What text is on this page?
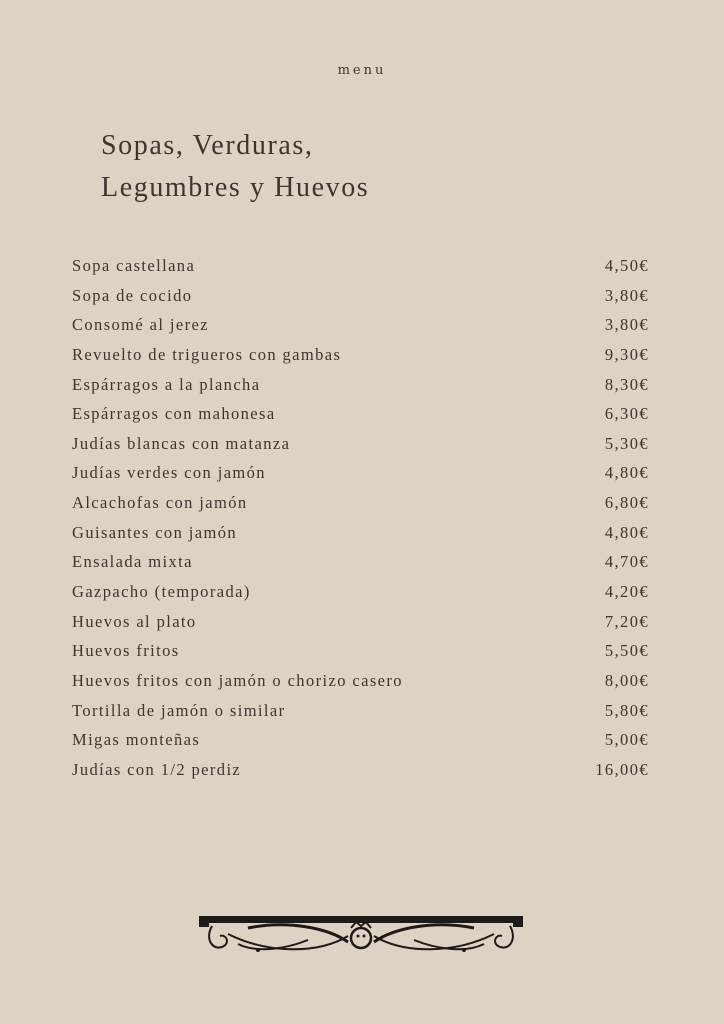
menu
Sopas, Verduras,
Legumbres y Huevos
Sopa castellana	4,50€
Sopa de cocido	3,80€
Consomé al jerez	3,80€
Revuelto de trigueros con gambas	9,30€
Espárragos a la plancha	8,30€
Espárragos con mahonesa	6,30€
Judías blancas con matanza	5,30€
Judías verdes con jamón	4,80€
Alcachofas con jamón	6,80€
Guisantes con jamón	4,80€
Ensalada mixta	4,70€
Gazpacho (temporada)	4,20€
Huevos al plato	7,20€
Huevos fritos	5,50€
Huevos fritos con jamón o chorizo casero	8,00€
Tortilla de jamón o similar	5,80€
Migas monteñas	5,00€
Judías con 1/2 perdiz	16,00€
